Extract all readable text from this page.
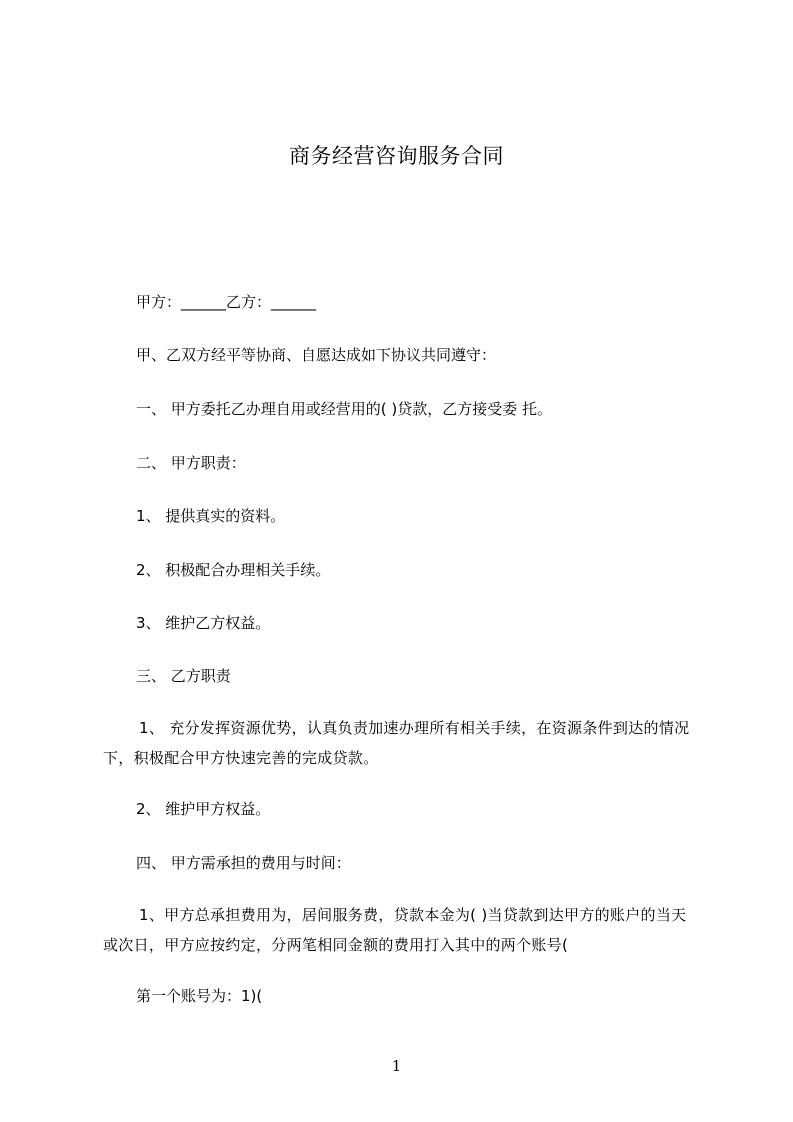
商务经营咨询服务合同
甲方：______乙方：______
甲、乙双方经平等协商、自愿达成如下协议共同遵守：
一、 甲方委托乙办理自用或经营用的( )贷款，乙方接受委 托。
二、 甲方职责：
1、 提供真实的资料。
2、 积极配合办理相关手续。
3、 维护乙方权益。
三、 乙方职责
1、 充分发挥资源优势，认真负责加速办理所有相关手续，在资源条件到达的情况下，积极配合甲方快速完善的完成贷款。
2、 维护甲方权益。
四、 甲方需承担的费用与时间：
1、甲方总承担费用为，居间服务费，贷款本金为( )当贷款到达甲方的账户的当天或次日，甲方应按约定，分两笔相同金额的费用打入其中的两个账号(
第一个账号为：1)(
1
